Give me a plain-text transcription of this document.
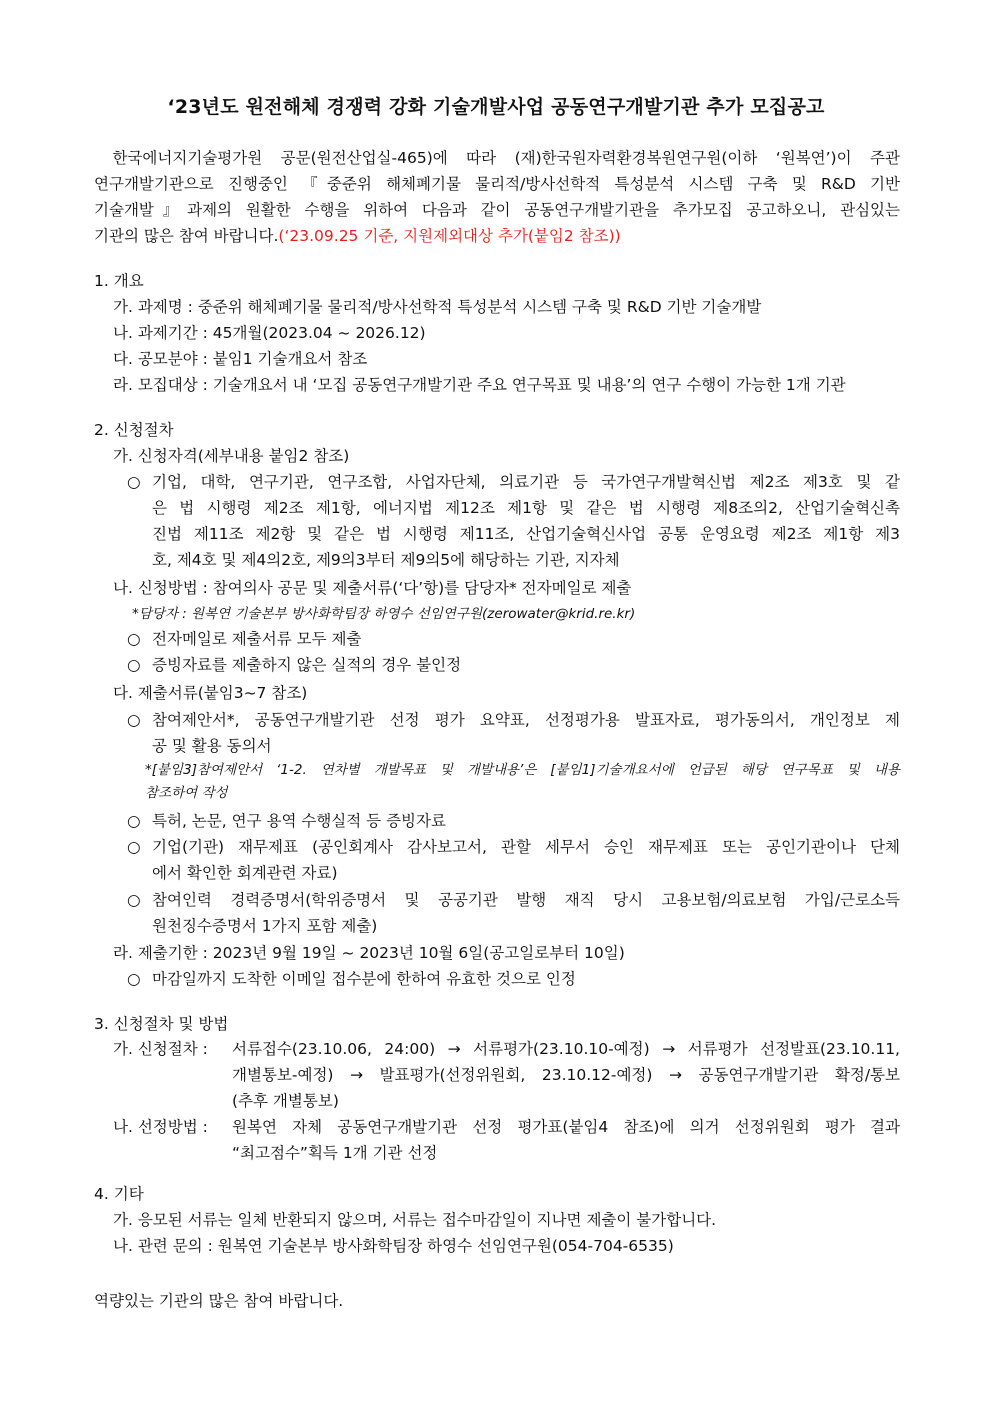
‘23년도 원전해체 경쟁력 강화 기술개발사업 공동연구개발기관 추가 모집공고
한국에너지기술평가원 공문(원전산업실-465)에 따라 (재)한국원자력환경복원연구원(이하 ‘원복연’)이 주관
연구개발기관으로 진행중인 『중준위 해체폐기물 물리적/방사선학적 특성분석 시스템 구축 및 R&D 기반
기술개발』과제의 원활한 수행을 위하여 다음과 같이 공동연구개발기관을 추가모집 공고하오니, 관심있는
기관의 많은 참여 바랍니다.(‘23.09.25 기준, 지원제외대상 추가(붙임2 참조))
1. 개요
가. 과제명 : 중준위 해체폐기물 물리적/방사선학적 특성분석 시스템 구축 및 R&D 기반 기술개발
나. 과제기간 : 45개월(2023.04 ~ 2026.12)
다. 공모분야 : 붙임1 기술개요서 참조
라. 모집대상 : 기술개요서 내 ‘모집 공동연구개발기관 주요 연구목표 및 내용’의 연구 수행이 가능한 1개 기관
2. 신청절차
가. 신청자격(세부내용 붙임2 참조)
○ 기업, 대학, 연구기관, 연구조합, 사업자단체, 의료기관 등 국가연구개발혁신법 제2조 제3호 및 같
은 법 시행령 제2조 제1항, 에너지법 제12조 제1항 및 같은 법 시행령 제8조의2, 산업기술혁신촉
진법 제11조 제2항 및 같은 법 시행령 제11조, 산업기술혁신사업 공통 운영요령 제2조 제1항 제3
호, 제4호 및 제4의2호, 제9의3부터 제9의5에 해당하는 기관, 지자체
나. 신청방법 : 참여의사 공문 및 제출서류(‘다’항)를 담당자* 전자메일로 제출
*담당자 : 원복연 기술본부 방사화학팀장 하영수 선임연구원(zerowater@krid.re.kr)
○ 전자메일로 제출서류 모두 제출
○ 증빙자료를 제출하지 않은 실적의 경우 불인정
다. 제출서류(붙임3~7 참조)
○ 참여제안서*, 공동연구개발기관 선정 평가 요약표, 선정평가용 발표자료, 평가동의서, 개인정보 제
공 및 활용 동의서
*[붙임3]참여제안서 ‘1-2. 연차별 개발목표 및 개발내용’은 [붙임1]기술개요서에 언급된 해당 연구목표 및 내용
참조하여 작성
○ 특허, 논문, 연구 용역 수행실적 등 증빙자료
○ 기업(기관) 재무제표 (공인회계사 감사보고서, 관할 세무서 승인 재무제표 또는 공인기관이나 단체
에서 확인한 회계관련 자료)
○ 참여인력 경력증명서(학위증명서 및 공공기관 발행 재직 당시 고용보험/의료보험 가입/근로소득
원천징수증명서 1가지 포함 제출)
라. 제출기한 : 2023년 9월 19일 ~ 2023년 10월 6일(공고일로부터 10일)
○ 마감일까지 도착한 이메일 접수분에 한하여 유효한 것으로 인정
3. 신청절차 및 방법
가. 신청절차 : 서류접수(23.10.06, 24:00) → 서류평가(23.10.10-예정) → 서류평가 선정발표(23.10.11,
개별통보-예정) → 발표평가(선정위원회, 23.10.12-예정) → 공동연구개발기관 확정/통보
(추후 개별통보)
나. 선정방법 : 원복연 자체 공동연구개발기관 선정 평가표(붙임4 참조)에 의거 선정위원회 평가 결과
“최고점수”획득 1개 기관 선정
4. 기타
가. 응모된 서류는 일체 반환되지 않으며, 서류는 접수마감일이 지나면 제출이 불가합니다.
나. 관련 문의 : 원복연 기술본부 방사화학팀장 하영수 선임연구원(054-704-6535)
역량있는 기관의 많은 참여 바랍니다.
